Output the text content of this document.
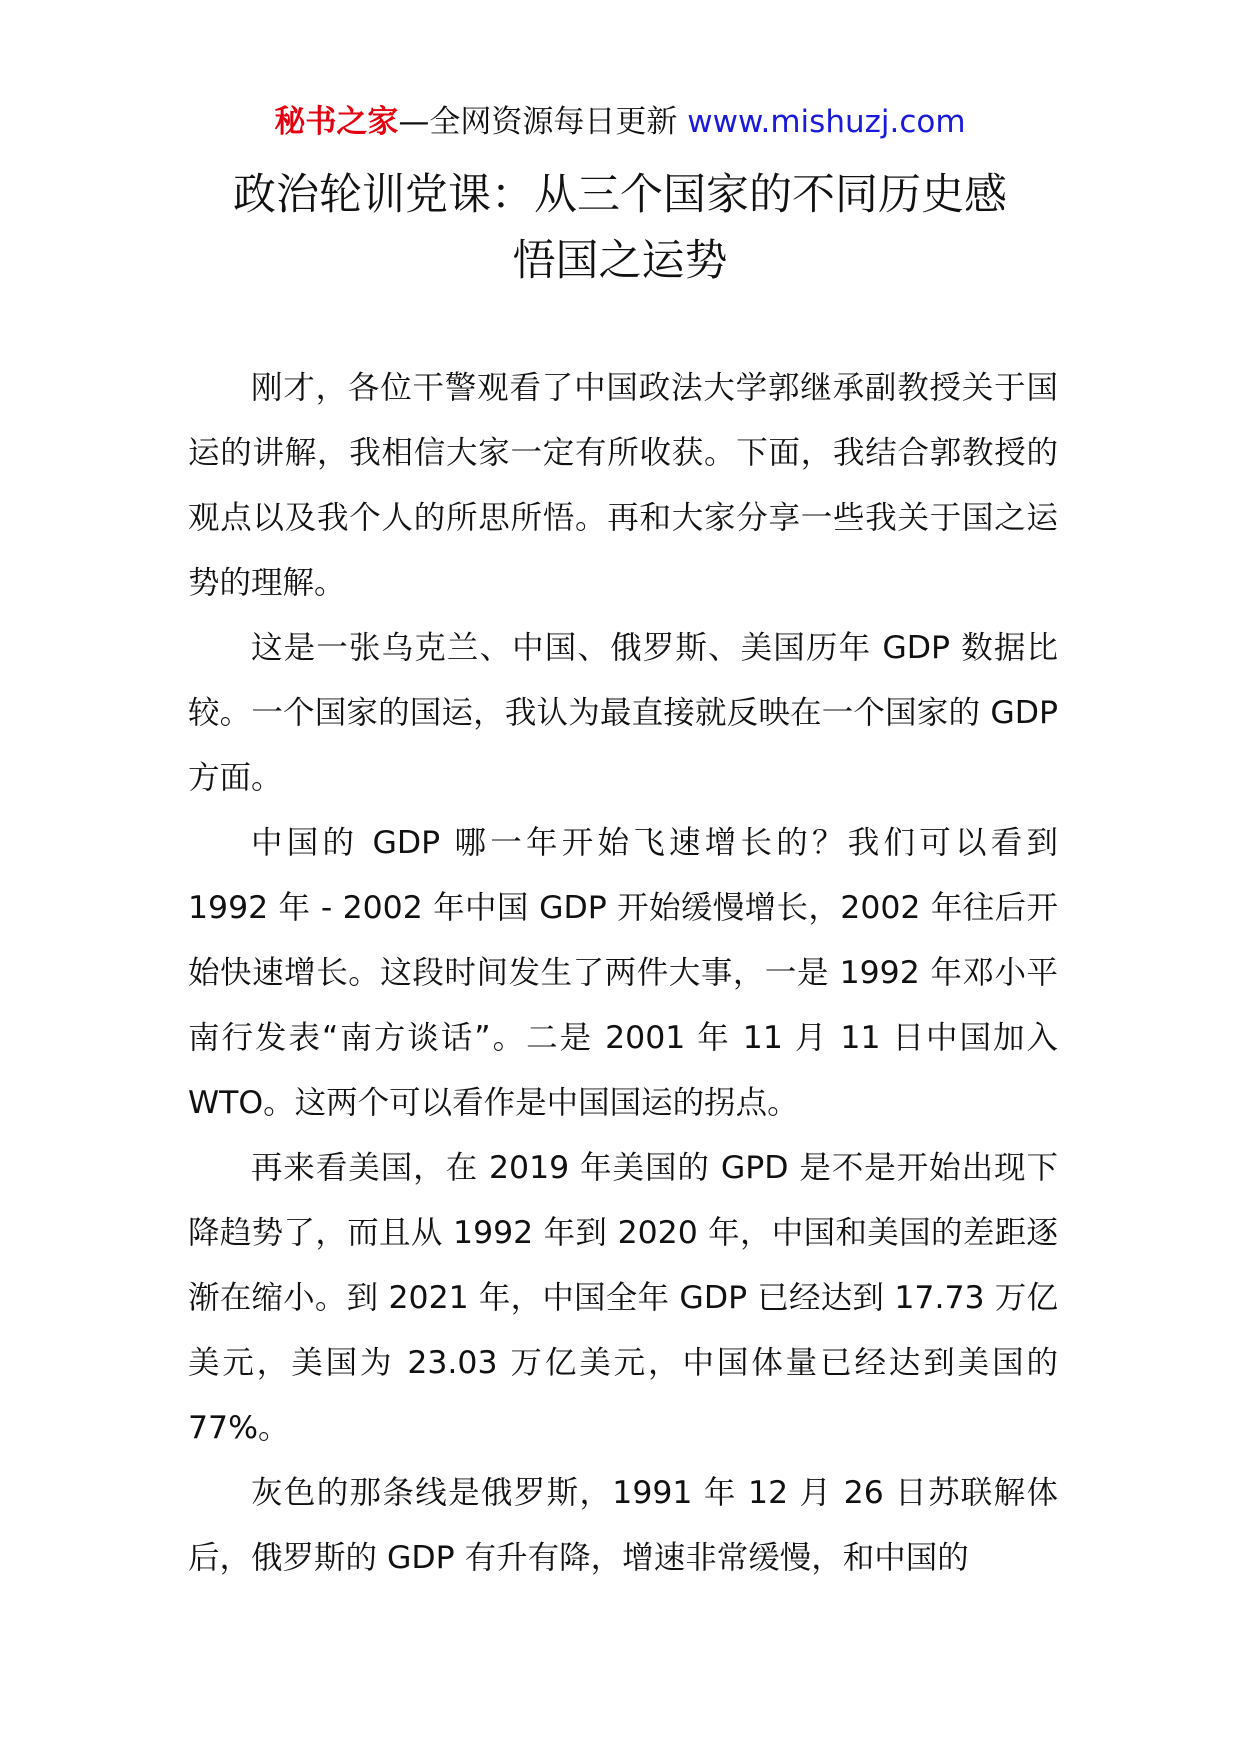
秘书之家—全网资源每日更新 www.mishuzj.com
政治轮训党课：从三个国家的不同历史感
悟国之运势

刚才，各位干警观看了中国政法大学郭继承副教授关于国运的讲解，我相信大家一定有所收获。下面，我结合郭教授的观点以及我个人的所思所悟。再和大家分享一些我关于国之运势的理解。

这是一张乌克兰、中国、俄罗斯、美国历年 GDP 数据比较。一个国家的国运，我认为最直接就反映在一个国家的 GDP 方面。

中国的 GDP 哪一年开始飞速增长的？我们可以看到 1992 年 - 2002 年中国 GDP 开始缓慢增长，2002 年往后开始快速增长。这段时间发生了两件大事，一是 1992 年邓小平南行发表“南方谈话”。二是 2001 年 11 月 11 日中国加入 WTO。这两个可以看作是中国国运的拐点。

再来看美国，在 2019 年美国的 GPD 是不是开始出现下降趋势了，而且从 1992 年到 2020 年，中国和美国的差距逐渐在缩小。到 2021 年，中国全年 GDP 已经达到 17.73 万亿美元，美国为 23.03 万亿美元，中国体量已经达到美国的 77%。

灰色的那条线是俄罗斯，1991 年 12 月 26 日苏联解体后，俄罗斯的 GDP 有升有降，增速非常缓慢，和中国的
